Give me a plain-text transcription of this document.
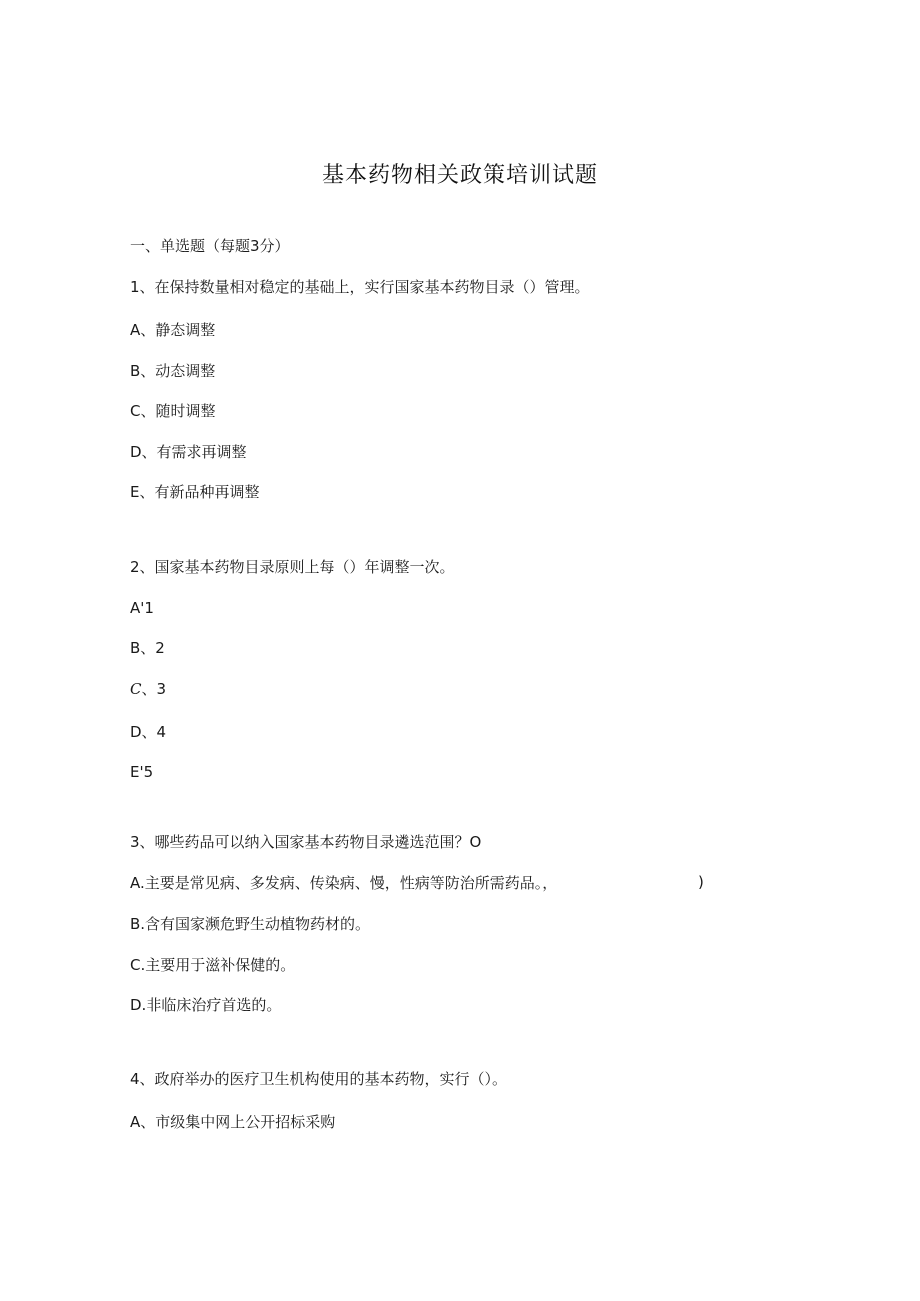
基本药物相关政策培训试题
一、单选题（每题3分）
1、在保持数量相对稳定的基础上，实行国家基本药物目录（）管理。
A、静态调整
B、动态调整
C、随时调整
D、有需求再调整
E、有新品种再调整
2、国家基本药物目录原则上每（）年调整一次。
A'1
B、2
C、3
D、4
E'5
3、哪些药品可以纳入国家基本药物目录遴选范围？O
A.主要是常见病、多发病、传染病、慢，性病等防治所需药品。，	)
B.含有国家濒危野生动植物药材的。
C.主要用于滋补保健的。
D.非临床治疗首选的。
4、政府举办的医疗卫生机构使用的基本药物，实行（）。
A、市级集中网上公开招标采购
